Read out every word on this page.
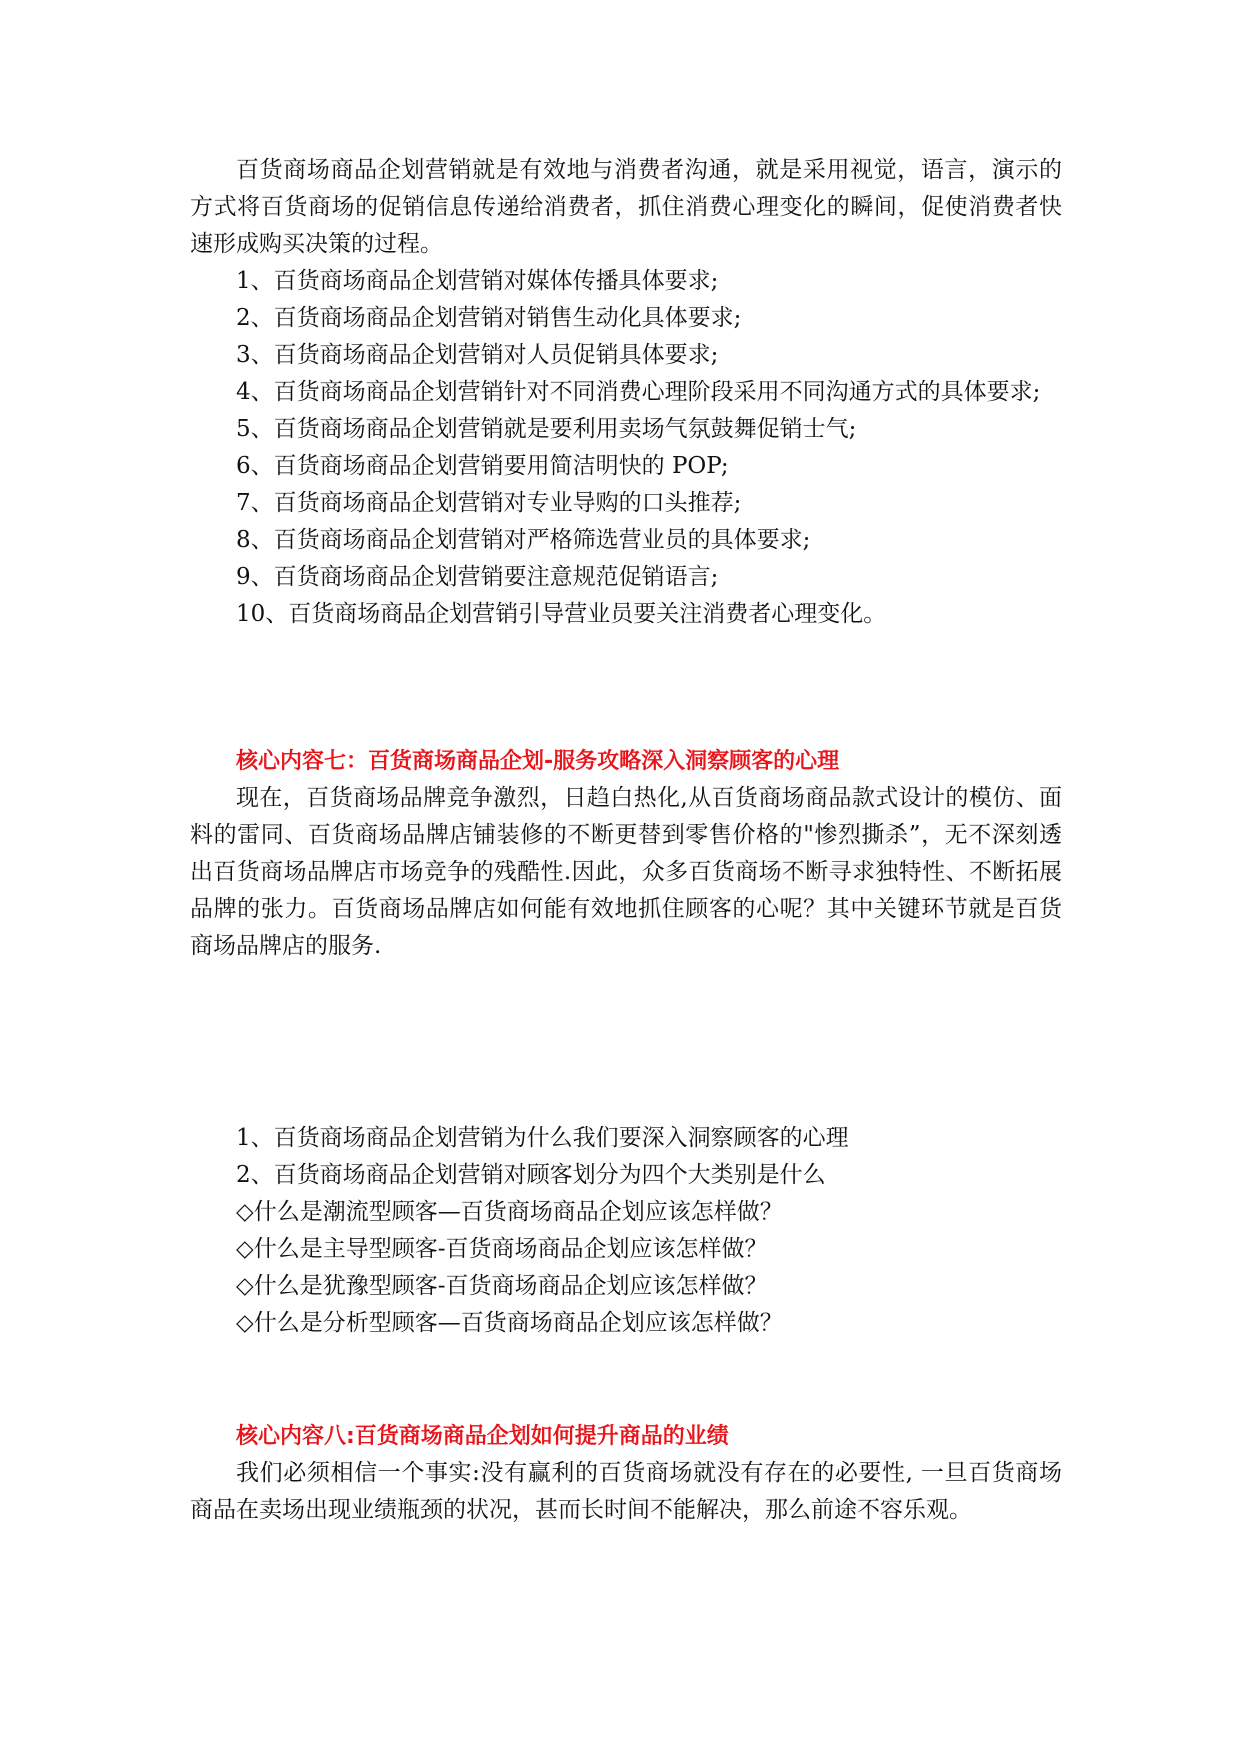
百货商场商品企划营销就是有效地与消费者沟通，就是采用视觉，语言，演示的方式将百货商场的促销信息传递给消费者，抓住消费心理变化的瞬间，促使消费者快速形成购买决策的过程。

1、百货商场商品企划营销对媒体传播具体要求;

2、百货商场商品企划营销对销售生动化具体要求;

3、百货商场商品企划营销对人员促销具体要求;

4、百货商场商品企划营销针对不同消费心理阶段采用不同沟通方式的具体要求;

5、百货商场商品企划营销就是要利用卖场气氛鼓舞促销士气;

6、百货商场商品企划营销要用简洁明快的 POP;

7、百货商场商品企划营销对专业导购的口头推荐;

8、百货商场商品企划营销对严格筛选营业员的具体要求;

9、百货商场商品企划营销要注意规范促销语言;

10、百货商场商品企划营销引导营业员要关注消费者心理变化。

核心内容七：百货商场商品企划-服务攻略深入洞察顾客的心理

现在，百货商场品牌竞争激烈，日趋白热化,从百货商场商品款式设计的模仿、面料的雷同、百货商场品牌店铺装修的不断更替到零售价格的"惨烈撕杀”，无不深刻透出百货商场品牌店市场竞争的残酷性.因此，众多百货商场不断寻求独特性、不断拓展品牌的张力。百货商场品牌店如何能有效地抓住顾客的心呢？其中关键环节就是百货商场品牌店的服务.

1、百货商场商品企划营销为什么我们要深入洞察顾客的心理

2、百货商场商品企划营销对顾客划分为四个大类别是什么

◇什么是潮流型顾客—百货商场商品企划应该怎样做？

◇什么是主导型顾客-百货商场商品企划应该怎样做？

◇什么是犹豫型顾客-百货商场商品企划应该怎样做？

◇什么是分析型顾客—百货商场商品企划应该怎样做？

核心内容八:百货商场商品企划如何提升商品的业绩

我们必须相信一个事实:没有赢利的百货商场就没有存在的必要性, 一旦百货商场商品在卖场出现业绩瓶颈的状况，甚而长时间不能解决，那么前途不容乐观。
